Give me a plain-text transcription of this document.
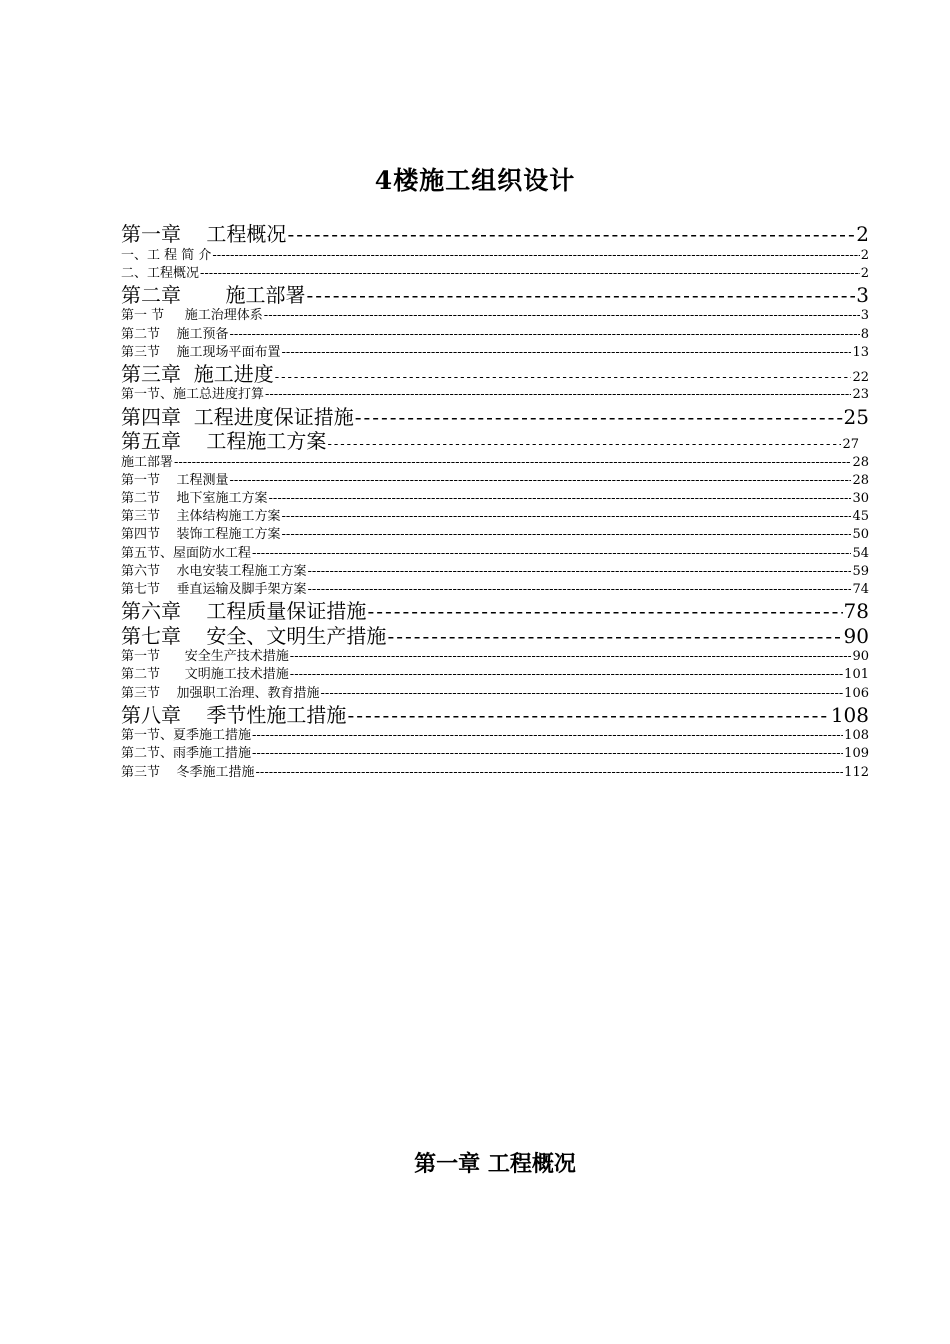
4楼施工组织设计
第一章    工程概况 -----	2
一、工 程 简 介 -----	2
二、工程概况 -----	2
第二章       施工部署 -----	3
第一 节     施工治理体系 -----	3
第二节    施工预备 -----	8
第三节    施工现场平面布置 -----	13
第三章  施工进度 -----	22
第一节、施工总进度打算 -----	23
第四章  工程进度保证措施 -----	25
第五章    工程施工方案 -----	27
施工部署 -----	28
第一节    工程测量 -----	28
第二节    地下室施工方案 -----	30
第三节    主体结构施工方案 -----	45
第四节    装饰工程施工方案 -----	50
第五节、屋面防水工程 -----	54
第六节    水电安装工程施工方案 -----	59
第七节    垂直运输及脚手架方案 -----	74
第六章    工程质量保证措施 -----	78
第七章    安全、文明生产措施 -----	90
第一节      安全生产技术措施 -----	90
第二节      文明施工技术措施 -----	101
第三节    加强职工治理、教育措施 -----	106
第八章    季节性施工措施 -----	108
第一节、夏季施工措施 -----	108
第二节、雨季施工措施 -----	109
第三节    冬季施工措施 -----	112
第一章 工程概况
